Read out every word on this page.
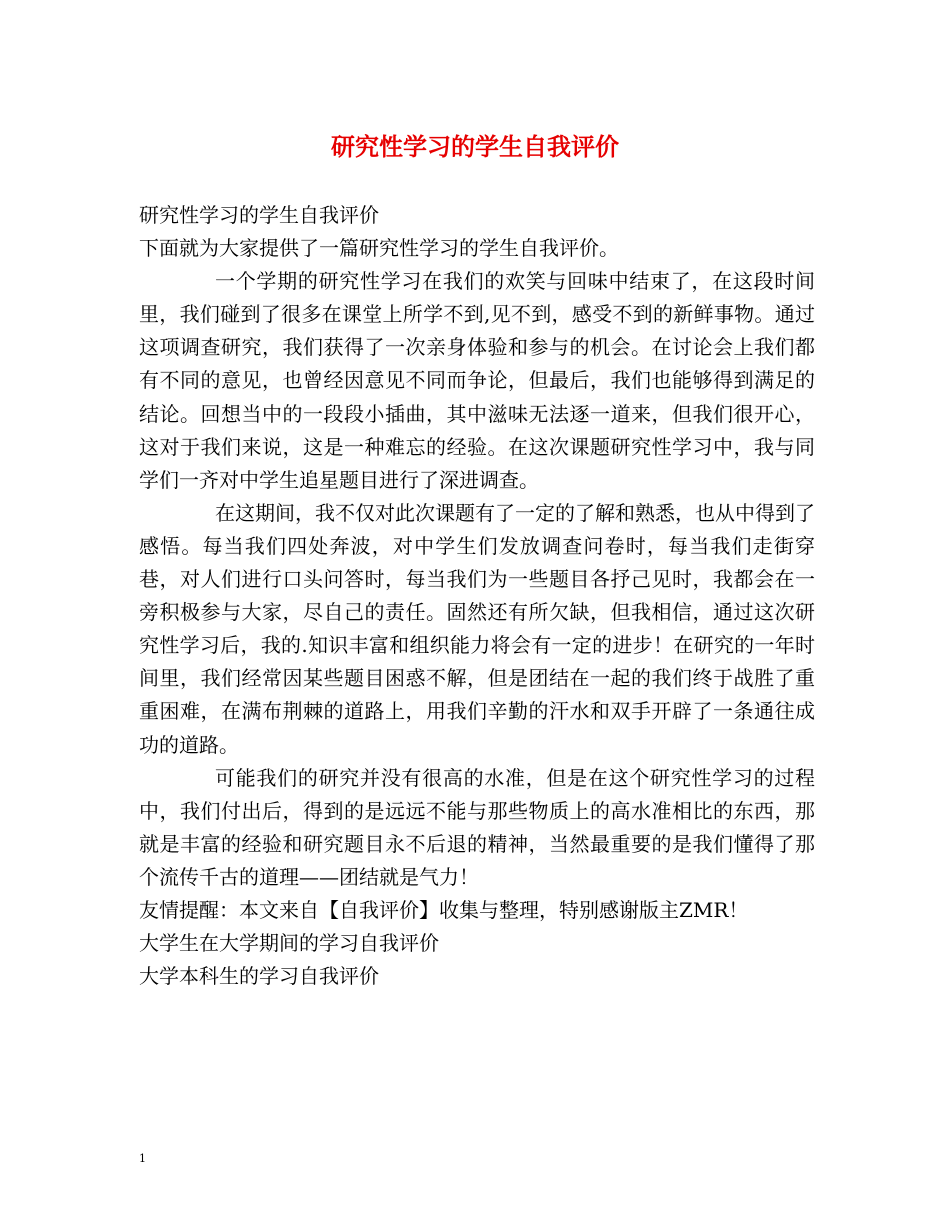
研究性学习的学生自我评价

研究性学习的学生自我评价

下面就为大家提供了一篇研究性学习的学生自我评价。

一个学期的研究性学习在我们的欢笑与回味中结束了，在这段时间里，我们碰到了很多在课堂上所学不到,见不到，感受不到的新鲜事物。通过这项调查研究，我们获得了一次亲身体验和参与的机会。在讨论会上我们都有不同的意见，也曾经因意见不同而争论，但最后，我们也能够得到满足的结论。回想当中的一段段小插曲，其中滋味无法逐一道来，但我们很开心，这对于我们来说，这是一种难忘的经验。在这次课题研究性学习中，我与同学们一齐对中学生追星题目进行了深进调查。

在这期间，我不仅对此次课题有了一定的了解和熟悉，也从中得到了感悟。每当我们四处奔波，对中学生们发放调查问卷时，每当我们走街穿巷，对人们进行口头问答时，每当我们为一些题目各抒己见时，我都会在一旁积极参与大家，尽自己的责任。固然还有所欠缺，但我相信，通过这次研究性学习后，我的.知识丰富和组织能力将会有一定的进步！在研究的一年时间里，我们经常因某些题目困惑不解，但是团结在一起的我们终于战胜了重重困难，在满布荆棘的道路上，用我们辛勤的汗水和双手开辟了一条通往成功的道路。

可能我们的研究并没有很高的水准，但是在这个研究性学习的过程中，我们付出后，得到的是远远不能与那些物质上的高水准相比的东西，那就是丰富的经验和研究题目永不后退的精神，当然最重要的是我们懂得了那个流传千古的道理——团结就是气力！

友情提醒：本文来自【自我评价】收集与整理，特别感谢版主ZMR！

大学生在大学期间的学习自我评价

大学本科生的学习自我评价

1
